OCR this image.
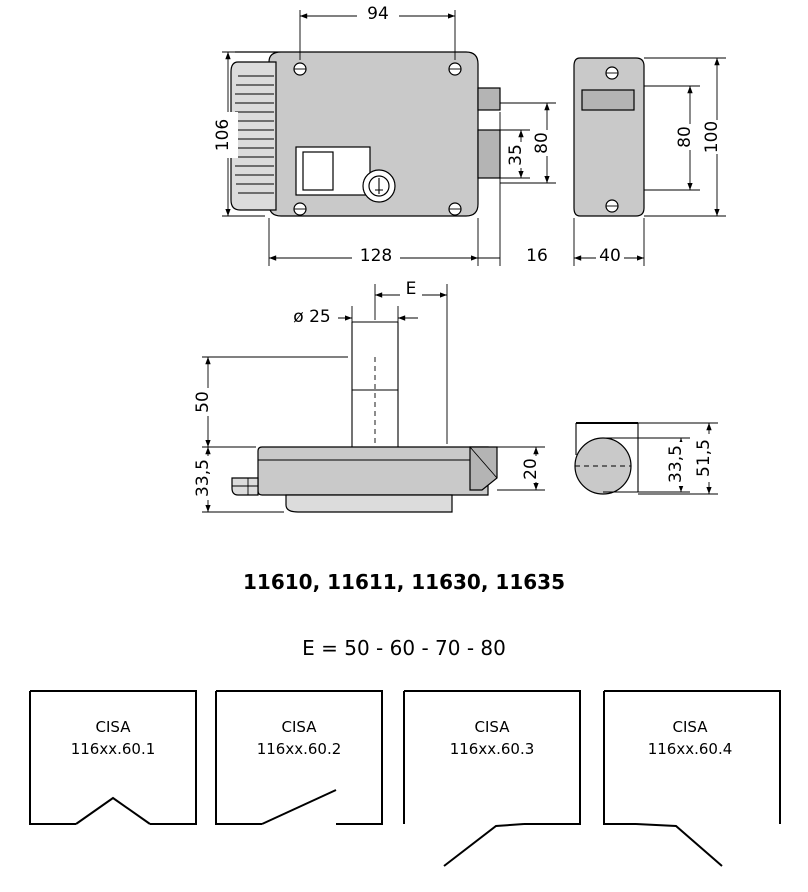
94
106
128	16
35
80	80 100
40
E
ø 25
50
33,5	20	33,5 51,5
11610, 11611, 11630, 11635
E = 50 - 60 - 70 - 80
CISA
116xx.60.1
CISA
116xx.60.2
CISA
116xx.60.3
CISA
116xx.60.4
